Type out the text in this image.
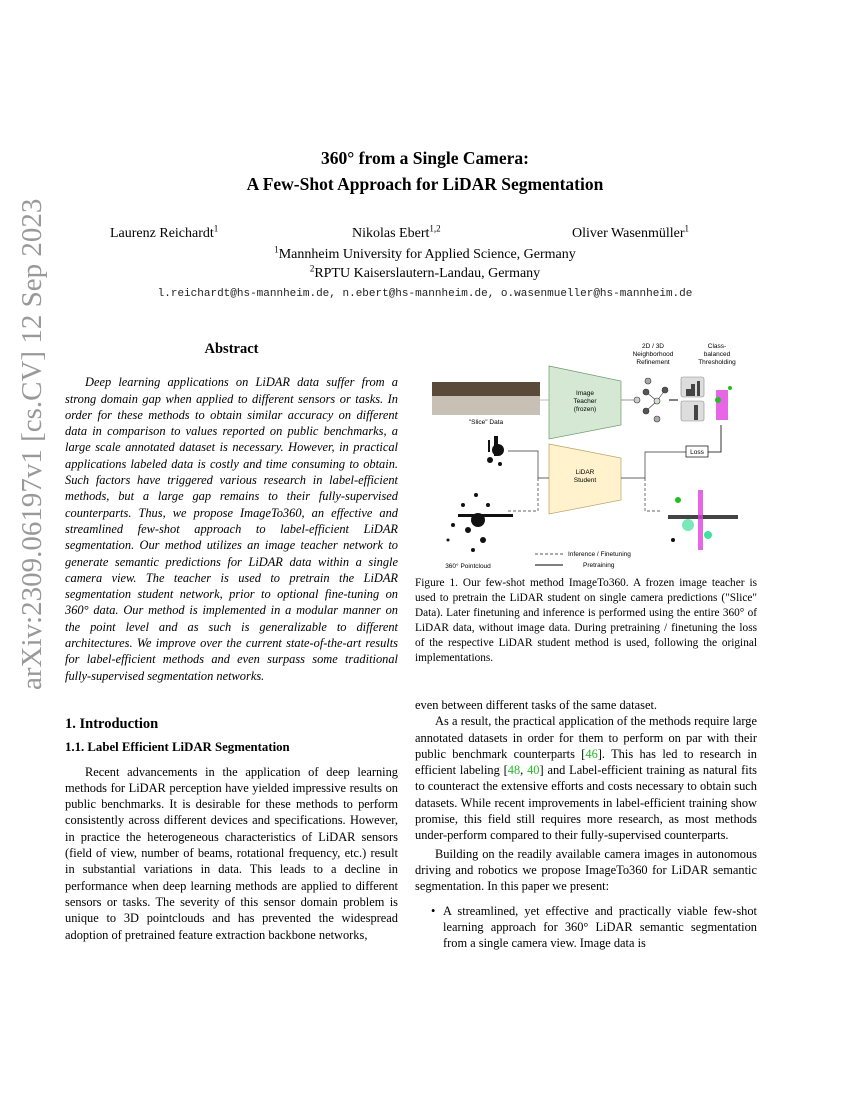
arXiv:2309.06197v1 [cs.CV] 12 Sep 2023
360° from a Single Camera:
A Few-Shot Approach for LiDAR Segmentation
Laurenz Reichardt$^1$	Nikolas Ebert$^{1,2}$	Oliver Wasenmüller$^1$
$^1$Mannheim University for Applied Science, Germany
$^2$RPTU Kaiserslautern-Landau, Germany
l.reichardt@hs-mannheim.de, n.ebert@hs-mannheim.de, o.wasenmueller@hs-mannheim.de
Abstract

Deep learning applications on LiDAR data suffer from a strong domain gap when applied to different sensors or tasks. In order for these methods to obtain similar accuracy on different data in comparison to values reported on public benchmarks, a large scale annotated dataset is necessary. However, in practical applications labeled data is costly and time consuming to obtain. Such factors have triggered various research in label-efficient methods, but a large gap remains to their fully-supervised counterparts. Thus, we propose ImageTo360, an effective and streamlined few-shot approach to label-efficient LiDAR segmentation. Our method utilizes an image teacher network to generate semantic predictions for LiDAR data within a single camera view. The teacher is used to pretrain the LiDAR segmentation student network, prior to optional fine-tuning on 360° data. Our method is implemented in a modular manner on the point level and as such is generalizable to different architectures. We improve over the current state-of-the-art results for label-efficient methods and even surpass some traditional fully-supervised segmentation networks.

1. Introduction
1.1. Label Efficient LiDAR Segmentation

Recent advancements in the application of deep learning methods for LiDAR perception have yielded impressive results on public benchmarks. It is desirable for these methods to perform consistently across different devices and specifications. However, in practice the heterogeneous characteristics of LiDAR sensors (field of view, number of beams, rotational frequency, etc.) result in substantial variations in data. This leads to a decline in performance when deep learning methods are applied to different sensors or tasks. The severity of this sensor domain problem is unique to 3D pointclouds and has prevented the widespread adoption of pretrained feature extraction backbone networks,

"Slice" Data
360° Pointcloud
Image
Teacher
(frozen)
LiDAR
Student
2D / 3D
Neighborhood
Refinement
Class-
balanced
Thresholding
Loss
Inference / Finetuning
Pretraining
Figure 1. Our few-shot method ImageTo360. A frozen image teacher is used to pretrain the LiDAR student on single camera predictions ("Slice" Data). Later finetuning and inference is performed using the entire 360° of LiDAR data, without image data. During pretraining / finetuning the loss of the respective LiDAR student method is used, following the original implementations.
even between different tasks of the same dataset.

As a result, the practical application of the methods require large annotated datasets in order for them to perform on par with their public benchmark counterparts [46]. This has led to research in efficient labeling [48, 40] and Label-efficient training as natural fits to counteract the extensive efforts and costs necessary to obtain such datasets. While recent improvements in label-efficient training show promise, this field still requires more research, as most methods under-perform compared to their fully-supervised counterparts.

Building on the readily available camera images in autonomous driving and robotics we propose ImageTo360 for LiDAR semantic segmentation. In this paper we present:

• A streamlined, yet effective and practically viable few-shot learning approach for 360° LiDAR semantic segmentation from a single camera view. Image data is
